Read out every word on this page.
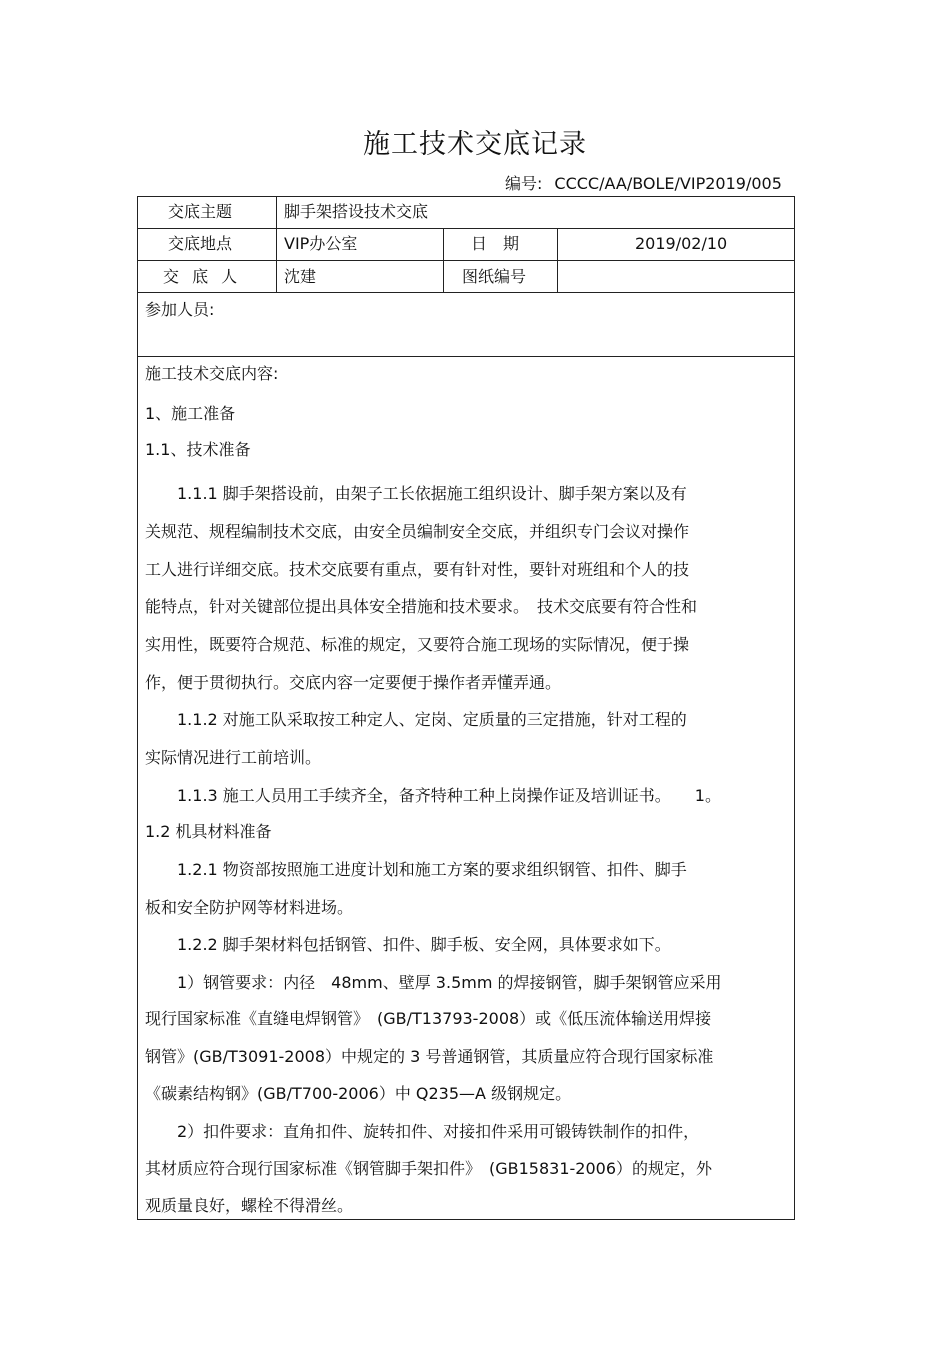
施工技术交底记录
编号: CCCC/AA/BOLE/VIP2019/005
交底主题	脚手架搭设技术交底
交底地点	VIP办公室	日　期	2019/02/10
交 底 人	沈建	图纸编号
参加人员:
施工技术交底内容:
1、施工准备
1.1、技术准备
　　1.1.1 脚手架搭设前，由架子工长依据施工组织设计、脚手架方案以及有
关规范、规程编制技术交底，由安全员编制安全交底，并组织专门会议对操作
工人进行详细交底。技术交底要有重点，要有针对性，要针对班组和个人的技
能特点，针对关键部位提出具体安全措施和技术要求。　技术交底要有符合性和
实用性，既要符合规范、标准的规定，又要符合施工现场的实际情况，便于操
作，便于贯彻执行。交底内容一定要便于操作者弄懂弄通。
　　1.1.2 对施工队采取按工种定人、定岗、定质量的三定措施，针对工程的
实际情况进行工前培训。
　　1.1.3 施工人员用工手续齐全，备齐特种工种上岗操作证及培训证书。　　1。
1.2 机具材料准备
　　1.2.1 物资部按照施工进度计划和施工方案的要求组织钢管、扣件、脚手
板和安全防护网等材料进场。
　　1.2.2 脚手架材料包括钢管、扣件、脚手板、安全网，具体要求如下。
　　1）钢管要求：内径　48mm、壁厚 3.5mm 的焊接钢管，脚手架钢管应采用
现行国家标准《直缝电焊钢管》　(GB/T13793-2008）或《低压流体输送用焊接
钢管》(GB/T3091-2008）中规定的 3 号普通钢管，其质量应符合现行国家标准
《碳素结构钢》(GB/T700-2006）中 Q235—A 级钢规定。
　　2）扣件要求：直角扣件、旋转扣件、对接扣件采用可锻铸铁制作的扣件，
其材质应符合现行国家标准《钢管脚手架扣件》　(GB15831-2006）的规定，外
观质量良好，螺栓不得滑丝。
